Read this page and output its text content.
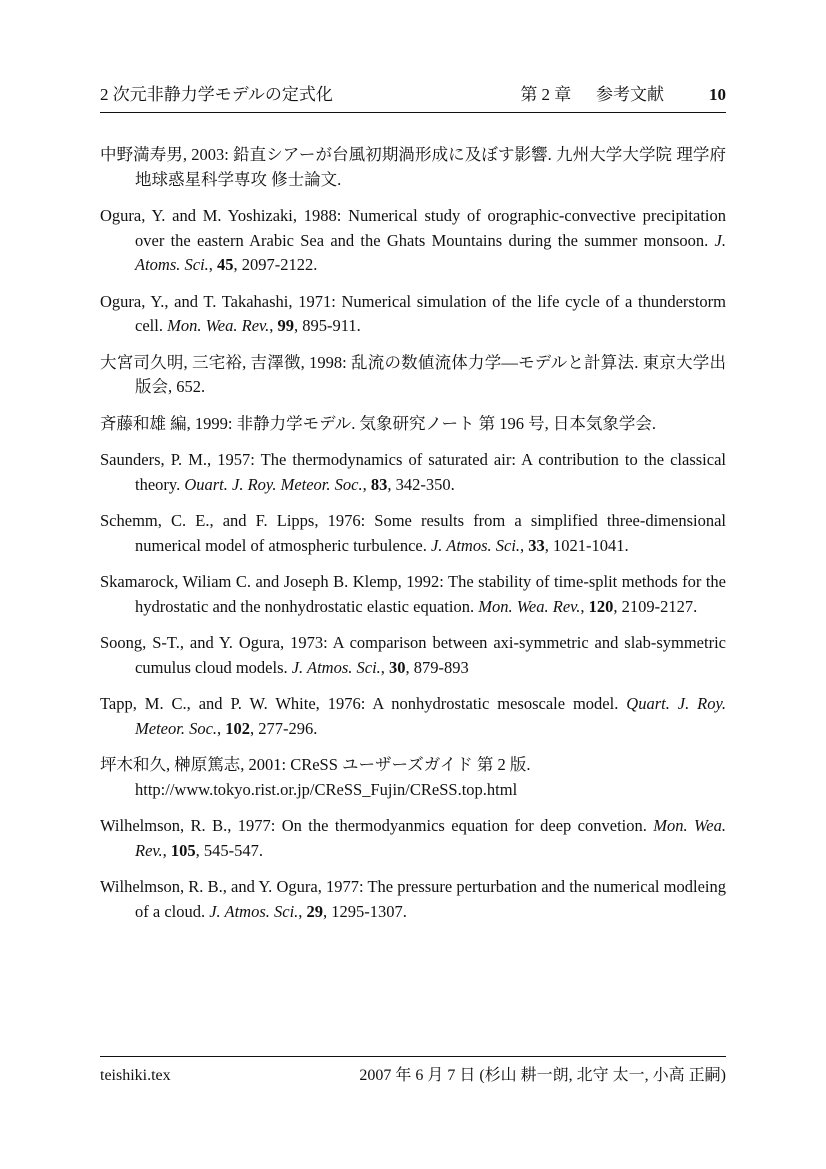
2 次元非静力学モデルの定式化	第 2 章 参考文献	10

中野満寿男, 2003: 鉛直シアーが台風初期渦形成に及ぼす影響. 九州大学大学院 理学府 地球惑星科学専攻 修士論文.

Ogura, Y. and M. Yoshizaki, 1988: Numerical study of orographic-convective precipitation over the eastern Arabic Sea and the Ghats Mountains during the summer monsoon. J. Atoms. Sci., 45, 2097-2122.

Ogura, Y., and T. Takahashi, 1971: Numerical simulation of the life cycle of a thunderstorm cell. Mon. Wea. Rev., 99, 895-911.

大宮司久明, 三宅裕, 吉澤徴, 1998: 乱流の数値流体力学—モデルと計算法. 東京大学出版会, 652.

斉藤和雄 編, 1999: 非静力学モデル. 気象研究ノート 第 196 号, 日本気象学会.

Saunders, P. M., 1957: The thermodynamics of saturated air: A contribution to the classical theory. Ouart. J. Roy. Meteor. Soc., 83, 342-350.

Schemm, C. E., and F. Lipps, 1976: Some results from a simplified three-dimensional numerical model of atmospheric turbulence. J. Atmos. Sci., 33, 1021-1041.

Skamarock, Wiliam C. and Joseph B. Klemp, 1992: The stability of time-split methods for the hydrostatic and the nonhydrostatic elastic equation. Mon. Wea. Rev., 120, 2109-2127.

Soong, S-T., and Y. Ogura, 1973: A comparison between axi-symmetric and slab-symmetric cumulus cloud models. J. Atmos. Sci., 30, 879-893

Tapp, M. C., and P. W. White, 1976: A nonhydrostatic mesoscale model. Quart. J. Roy. Meteor. Soc., 102, 277-296.

坪木和久, 榊原篤志, 2001: CReSS ユーザーズガイド 第 2 版.
http://www.tokyo.rist.or.jp/CReSS_Fujin/CReSS.top.html

Wilhelmson, R. B., 1977: On the thermodyanmics equation for deep convetion. Mon. Wea. Rev., 105, 545-547.

Wilhelmson, R. B., and Y. Ogura, 1977: The pressure perturbation and the numerical modleing of a cloud. J. Atmos. Sci., 29, 1295-1307.

teishiki.tex	2007 年 6 月 7 日 (杉山 耕一朗, 北守 太一, 小高 正嗣)
